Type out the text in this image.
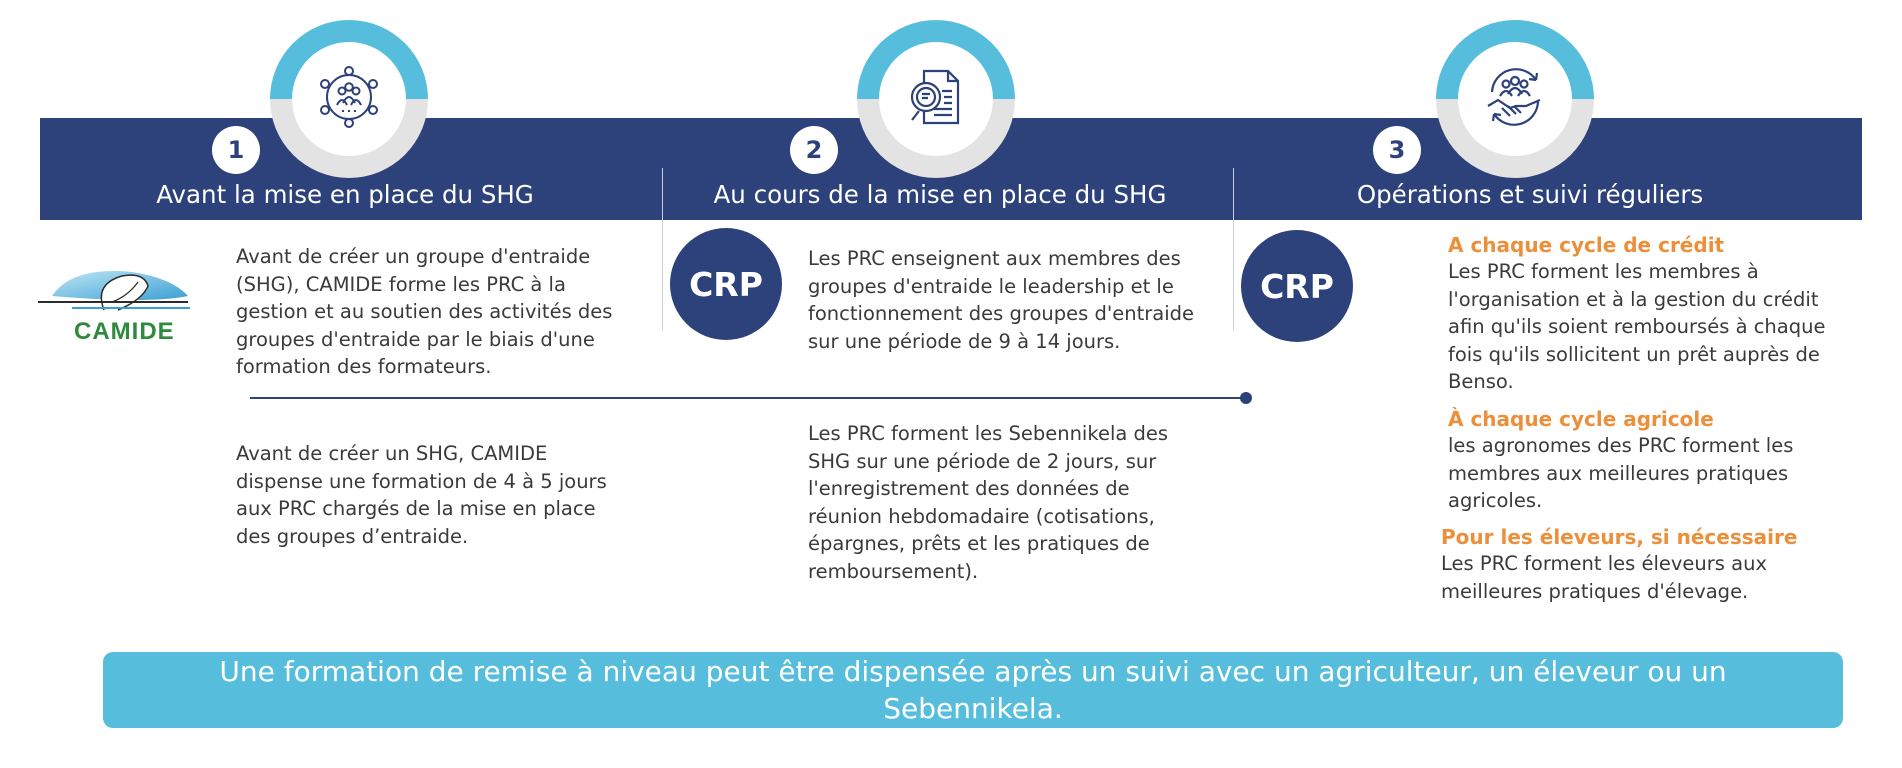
1
Avant la mise en place du SHG
2
Au cours de la mise en place du SHG
3
Opérations et suivi réguliers
CAMIDE

Avant de créer un groupe d'entraide (SHG), CAMIDE forme les PRC à la gestion et au soutien des activités des groupes d'entraide par le biais d'une formation des formateurs.

Avant de créer un SHG, CAMIDE dispense une formation de 4 à 5 jours aux PRC chargés de la mise en place des groupes d’entraide.

CRP

Les PRC enseignent aux membres des groupes d'entraide le leadership et le fonctionnement des groupes d'entraide sur une période de 9 à 14 jours.

Les PRC forment les Sebennikela des SHG sur une période de 2 jours, sur l'enregistrement des données de réunion hebdomadaire (cotisations, épargnes, prêts et les pratiques de remboursement).

CRP

A chaque cycle de crédit

Les PRC forment les membres à l'organisation et à la gestion du crédit afin qu'ils soient remboursés à chaque fois qu'ils sollicitent un prêt auprès de Benso.

À chaque cycle agricole

les agronomes des PRC forment les membres aux meilleures pratiques agricoles.

Pour les éleveurs, si nécessaire

Les PRC forment les éleveurs aux meilleures pratiques d'élevage.

Une formation de remise à niveau peut être dispensée après un suivi avec un agriculteur, un éleveur ou un Sebennikela.
